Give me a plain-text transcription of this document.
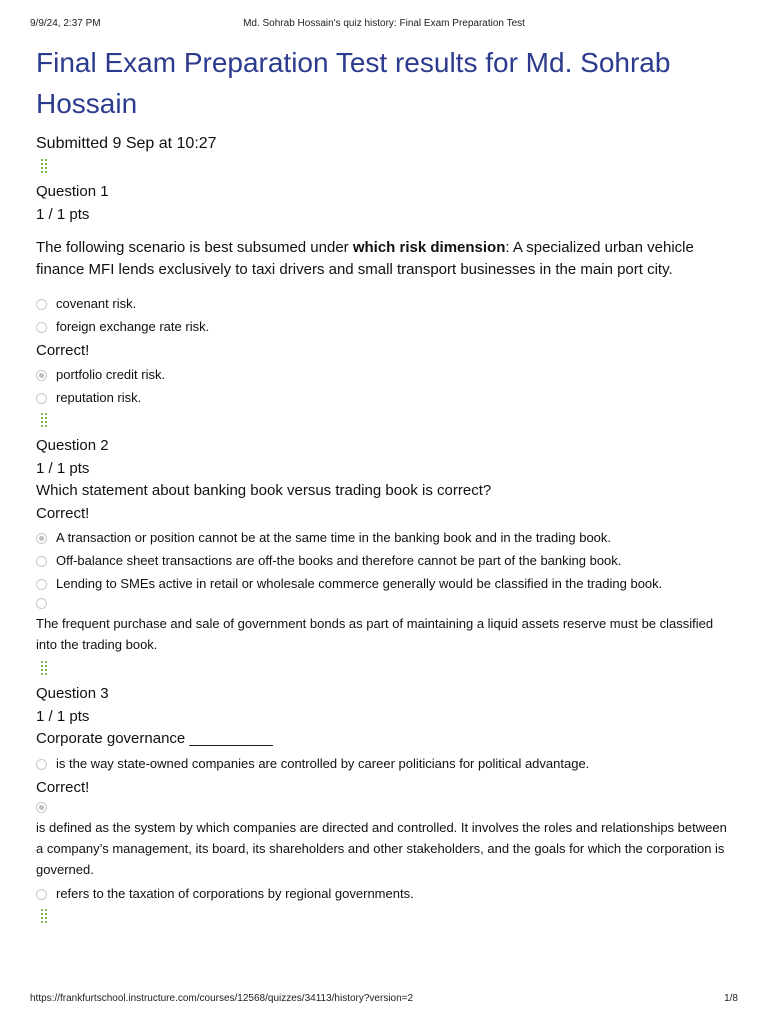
9/9/24, 2:37 PM	Md. Sohrab Hossain's quiz history: Final Exam Preparation Test
Final Exam Preparation Test results for Md. Sohrab Hossain
Submitted 9 Sep at 10:27
Question 1
1 / 1 pts
The following scenario is best subsumed under which risk dimension: A specialized urban vehicle finance MFI lends exclusively to taxi drivers and small transport businesses in the main port city.
covenant risk.
foreign exchange rate risk.
Correct!
portfolio credit risk.
reputation risk.
Question 2
1 / 1 pts
Which statement about banking book versus trading book is correct?
Correct!
A transaction or position cannot be at the same time in the banking book and in the trading book.
Off-balance sheet transactions are off-the books and therefore cannot be part of the banking book.
Lending to SMEs active in retail or wholesale commerce generally would be classified in the trading book.
The frequent purchase and sale of government bonds as part of maintaining a liquid assets reserve must be classified into the trading book.
Question 3
1 / 1 pts
Corporate governance __________
is the way state-owned companies are controlled by career politicians for political advantage.
Correct!
is defined as the system by which companies are directed and controlled. It involves the roles and relationships between a company’s management, its board, its shareholders and other stakeholders, and the goals for which the corporation is governed.
refers to the taxation of corporations by regional governments.
https://frankfurtschool.instructure.com/courses/12568/quizzes/34113/history?version=2	1/8
